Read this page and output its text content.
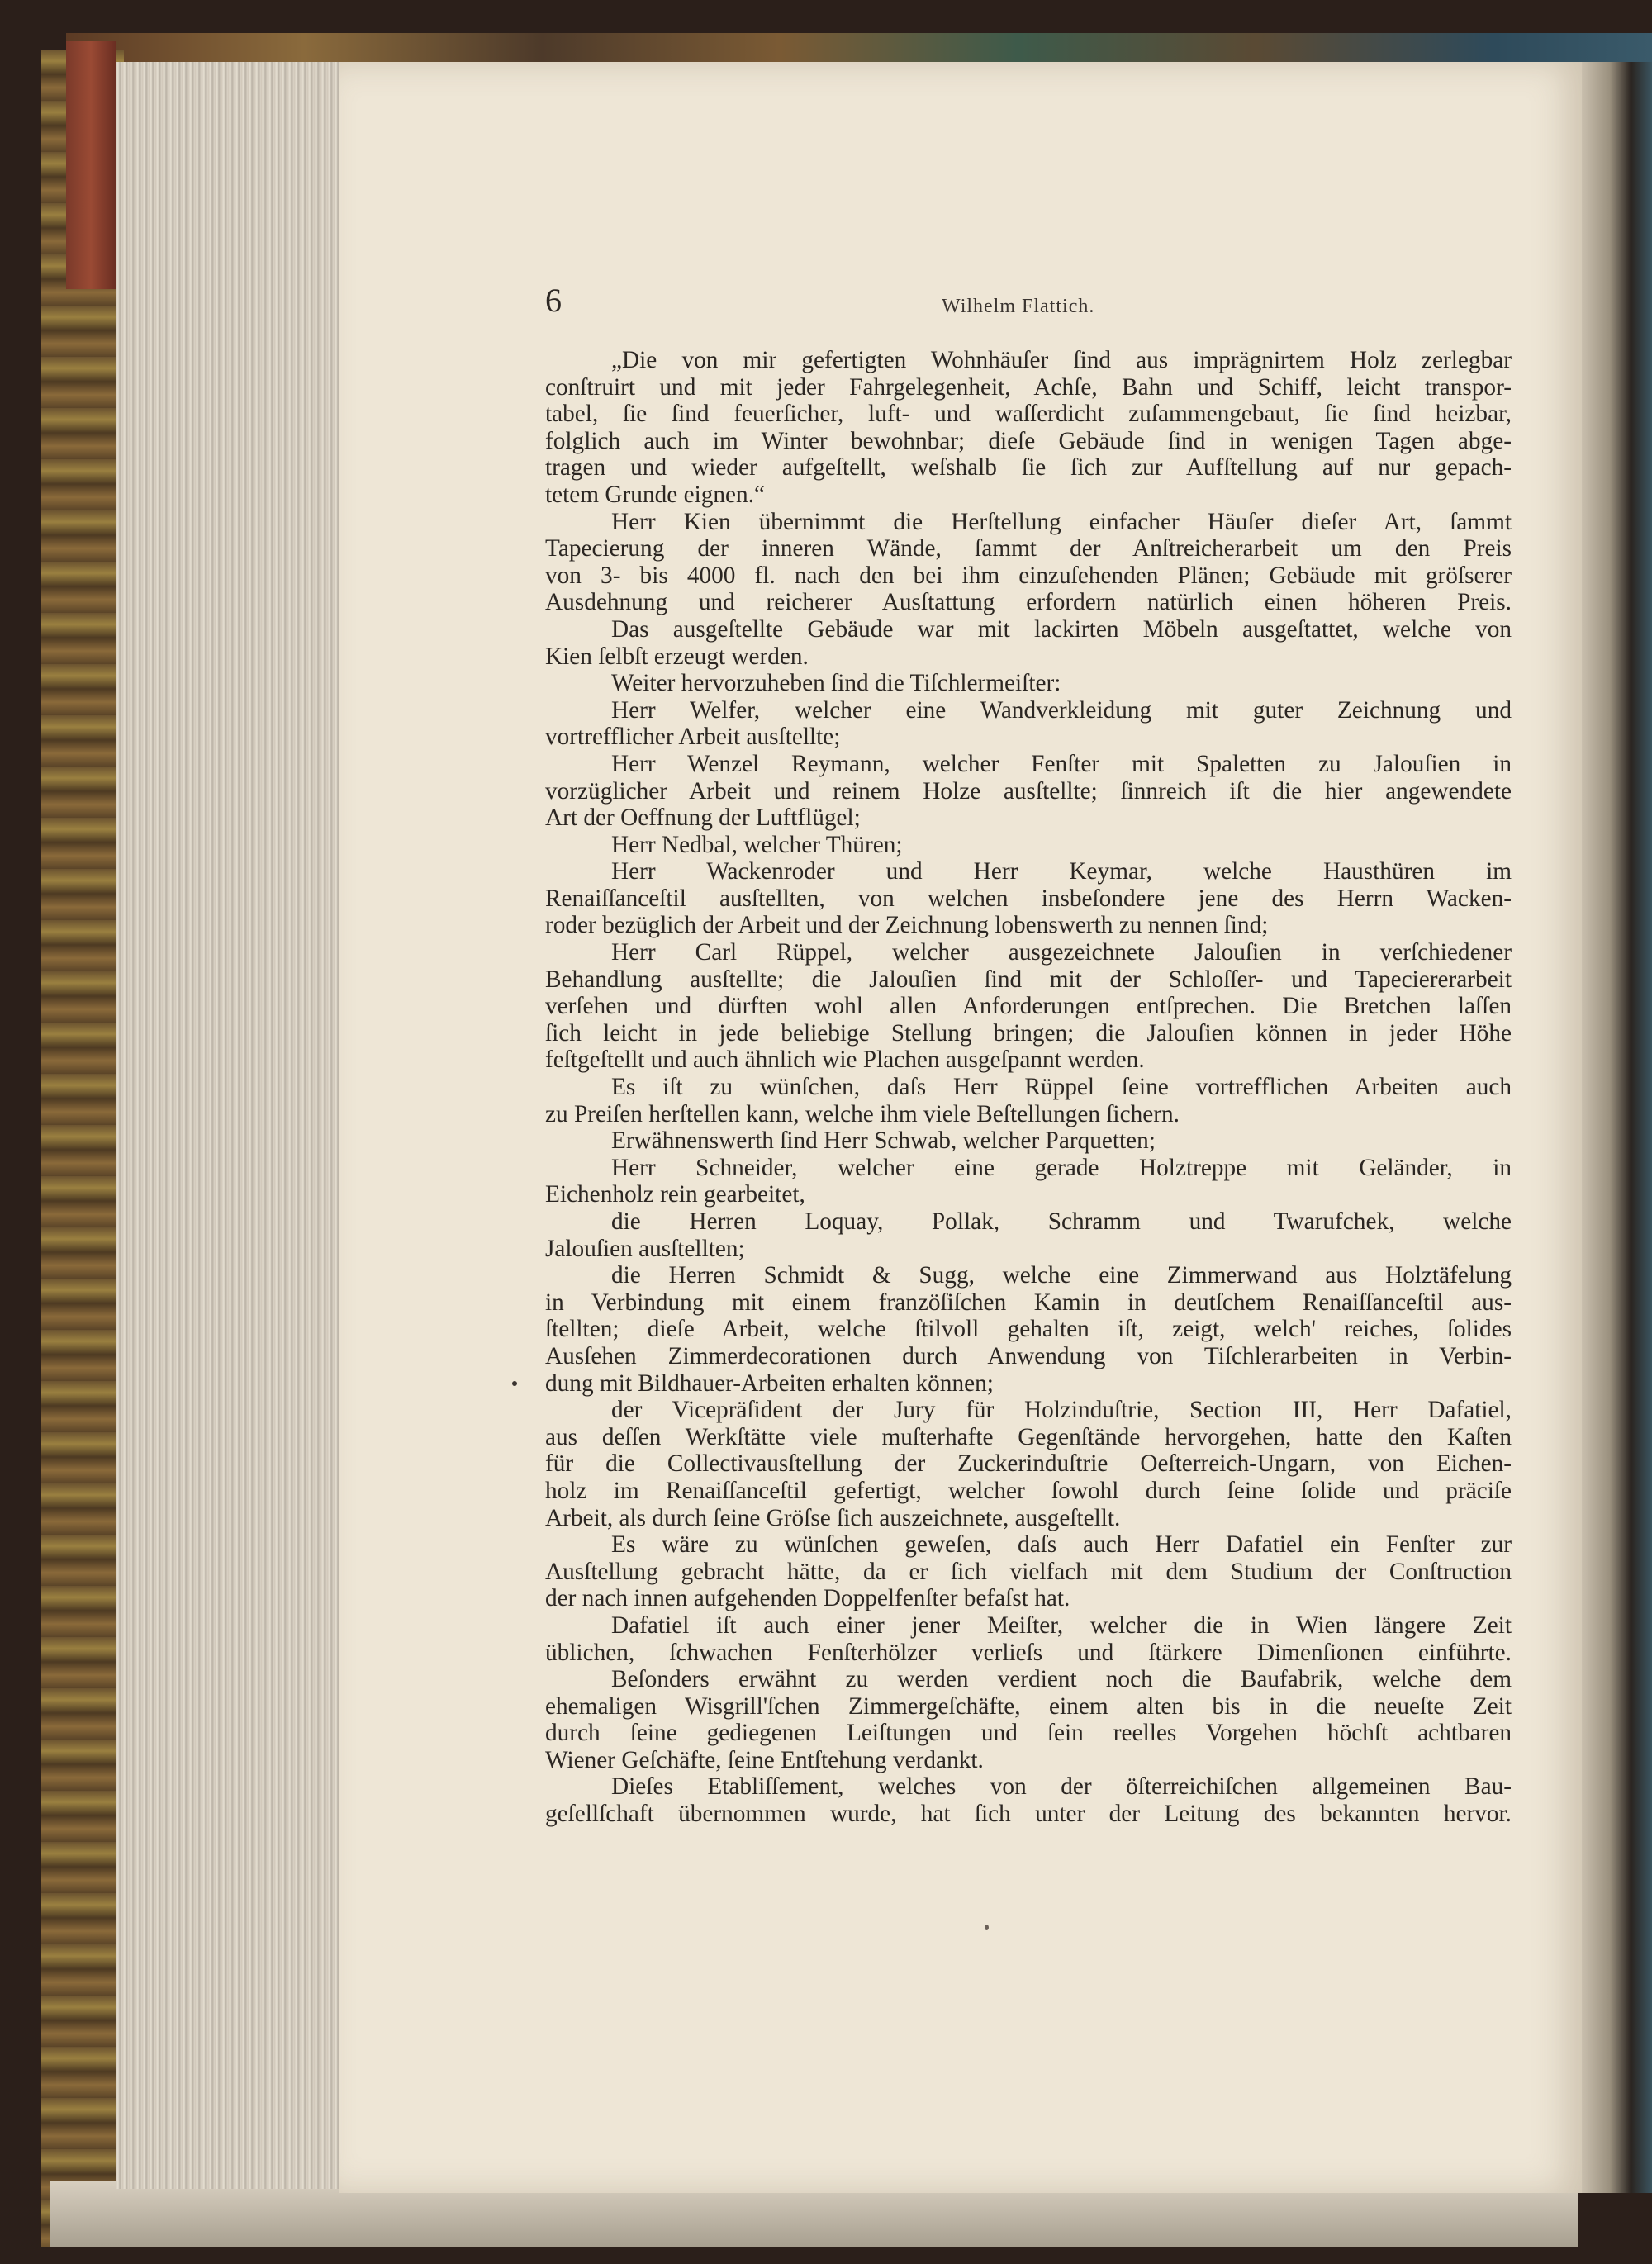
6	Wilhelm Flattich.
„Die von mir gefertigten Wohnhäuſer ſind aus imprägnirtem Holz zerlegbar
conſtruirt und mit jeder Fahrgelegenheit, Achſe, Bahn und Schiff, leicht transpor-
tabel, ſie ſind feuerſicher, luft- und waſſerdicht zuſammengebaut, ſie ſind heizbar,
folglich auch im Winter bewohnbar; dieſe Gebäude ſind in wenigen Tagen abge-
tragen und wieder aufgeſtellt, weſshalb ſie ſich zur Aufſtellung auf nur gepach-
tetem Grunde eignen.“
Herr Kien übernimmt die Herſtellung einfacher Häuſer dieſer Art, ſammt
Tapecierung der inneren Wände, ſammt der Anſtreicherarbeit um den Preis
von 3- bis 4000 fl. nach den bei ihm einzuſehenden Plänen; Gebäude mit gröſserer
Ausdehnung und reicherer Ausſtattung erfordern natürlich einen höheren Preis.
Das ausgeſtellte Gebäude war mit lackirten Möbeln ausgeſtattet, welche von
Kien ſelbſt erzeugt werden.
Weiter hervorzuheben ſind die Tiſchlermeiſter:
Herr Welfer, welcher eine Wandverkleidung mit guter Zeichnung und
vortrefflicher Arbeit ausſtellte;
Herr Wenzel Reymann, welcher Fenſter mit Spaletten zu Jalouſien in
vorzüglicher Arbeit und reinem Holze ausſtellte; ſinnreich iſt die hier angewendete
Art der Oeffnung der Luftflügel;
Herr Nedbal, welcher Thüren;
Herr Wackenroder und Herr Keymar, welche Hausthüren im
Renaiſſanceſtil ausſtellten, von welchen insbeſondere jene des Herrn Wacken-
roder bezüglich der Arbeit und der Zeichnung lobenswerth zu nennen ſind;
Herr Carl Rüppel, welcher ausgezeichnete Jalouſien in verſchiedener
Behandlung ausſtellte; die Jalouſien ſind mit der Schloſſer- und Tapeciererarbeit
verſehen und dürften wohl allen Anforderungen entſprechen. Die Bretchen laſſen
ſich leicht in jede beliebige Stellung bringen; die Jalouſien können in jeder Höhe
feſtgeſtellt und auch ähnlich wie Plachen ausgeſpannt werden.
Es iſt zu wünſchen, daſs Herr Rüppel ſeine vortrefflichen Arbeiten auch
zu Preiſen herſtellen kann, welche ihm viele Beſtellungen ſichern.
Erwähnenswerth ſind Herr Schwab, welcher Parquetten;
Herr Schneider, welcher eine gerade Holztreppe mit Geländer, in
Eichenholz rein gearbeitet,
die Herren Loquay, Pollak, Schramm und Twarufchek, welche
Jalouſien ausſtellten;
die Herren Schmidt & Sugg, welche eine Zimmerwand aus Holztäfelung
in Verbindung mit einem franzöſiſchen Kamin in deutſchem Renaiſſanceſtil aus-
ſtellten; dieſe Arbeit, welche ſtilvoll gehalten iſt, zeigt, welch' reiches, ſolides
Ausſehen Zimmerdecorationen durch Anwendung von Tiſchlerarbeiten in Verbin-
dung mit Bildhauer-Arbeiten erhalten können;
der Vicepräſident der Jury für Holzinduſtrie, Section III, Herr Dafatiel,
aus deſſen Werkſtätte viele muſterhafte Gegenſtände hervorgehen, hatte den Kaſten
für die Collectivausſtellung der Zuckerinduſtrie Oeſterreich-Ungarn, von Eichen-
holz im Renaiſſanceſtil gefertigt, welcher ſowohl durch ſeine ſolide und präciſe
Arbeit, als durch ſeine Gröſse ſich auszeichnete, ausgeſtellt.
Es wäre zu wünſchen geweſen, daſs auch Herr Dafatiel ein Fenſter zur
Ausſtellung gebracht hätte, da er ſich vielfach mit dem Studium der Conſtruction
der nach innen aufgehenden Doppelfenſter befaſst hat.
Dafatiel iſt auch einer jener Meiſter, welcher die in Wien längere Zeit
üblichen, ſchwachen Fenſterhölzer verlieſs und ſtärkere Dimenſionen einführte.
Beſonders erwähnt zu werden verdient noch die Baufabrik, welche dem
ehemaligen Wisgrill'ſchen Zimmergeſchäfte, einem alten bis in die neueſte Zeit
durch ſeine gediegenen Leiſtungen und ſein reelles Vorgehen höchſt achtbaren
Wiener Geſchäfte, ſeine Entſtehung verdankt.
Dieſes Etabliſſement, welches von der öſterreichiſchen allgemeinen Bau-
geſellſchaft übernommen wurde, hat ſich unter der Leitung des bekannten hervor.
